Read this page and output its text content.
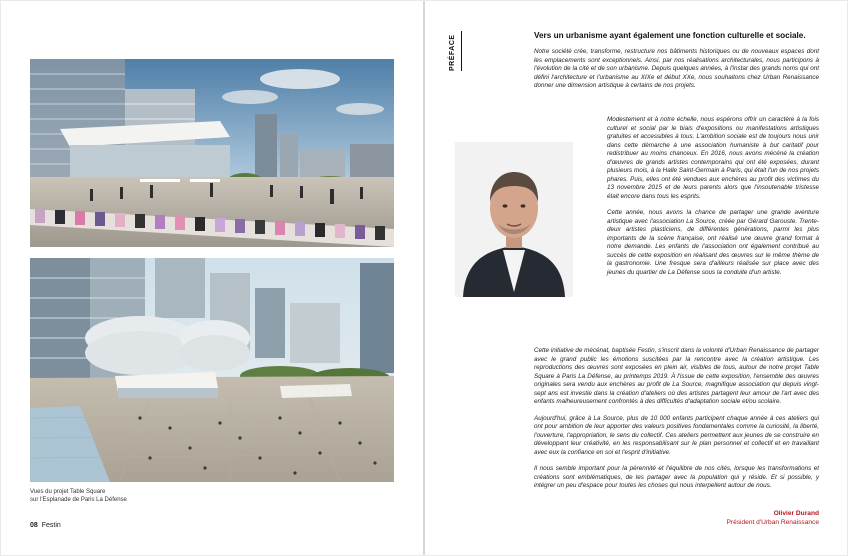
Vues du projet Table Square
sur l'Esplanade de Paris La Défense
08 Festin
PRÉFACE	Vers un urbanisme ayant également une fonction culturelle et sociale.

Notre société crée, transforme, restructure nos bâtiments historiques ou de nouveaux espaces dont les emplacements sont exceptionnels. Ainsi, par nos réalisations architecturales, nous participons à l'évolution de la cité et de son urbanisme. Depuis quelques années, à l'instar des grands noms qui ont défini l'architecture et l'urbanisme au XIXe et début XXe, nous souhaitons chez Urban Renaissance donner une dimension artistique à certains de nos projets.

Modestement et à notre échelle, nous espérons offrir un caractère à la fois culturel et social par le biais d'expositions ou manifestations artistiques gratuites et accessibles à tous. L'ambition sociale est de toujours nous unir dans cette démarche à une association humaniste à but caritatif pour redistribuer au moins chanceux. En 2016, nous avons mécéné la création d'œuvres de grands artistes contemporains qui ont été exposées, durant plusieurs mois, à la Halle Saint-Germain à Paris, qui était l'un de nos projets phares. Puis, elles ont été vendues aux enchères au profit des victimes du 13 novembre 2015 et de leurs parents alors que l'insoutenable tristesse était encore dans tous les esprits.

Cette année, nous avons la chance de partager une grande aventure artistique avec l'association La Source, créée par Gérard Garouste. Trente-deux artistes plasticiens, de différentes générations, parmi les plus importants de la scène française, ont réalisé une œuvre grand format à notre demande. Les enfants de l'association ont également contribué au succès de cette exposition en réalisant des œuvres sur le même thème de la gastronomie. Une fresque sera d'ailleurs réalisée sur place avec des jeunes du quartier de La Défense sous la conduite d'un artiste.

Cette initiative de mécénat, baptisée Festin, s'inscrit dans la volonté d'Urban Renaissance de partager avec le grand public les émotions suscitées par la rencontre avec la création artistique. Les reproductions des œuvres sont exposées en plein air, visibles de tous, autour de notre projet Table Square à Paris La Défense, au printemps 2019. À l'issue de cette exposition, l'ensemble des œuvres originales sera vendu aux enchères au profit de La Source, magnifique association qui depuis vingt-sept ans est investie dans la création d'ateliers où des artistes partagent leur amour de l'art avec des enfants malheureusement confrontés à des difficultés d'adaptation sociale et/ou scolaire.

Aujourd'hui, grâce à La Source, plus de 10 000 enfants participent chaque année à ces ateliers qui ont pour ambition de leur apporter des valeurs positives fondamentales comme la curiosité, la liberté, l'ouverture, l'appropriation, le sens du collectif. Ces ateliers permettent aux jeunes de se construire en développant leur créativité, en les responsabilisant sur le plan personnel et collectif et en travaillant avec eux la confiance en soi et l'esprit d'initiative.

Il nous semble important pour la pérennité et l'équilibre de nos cités, lorsque les transformations et créations sont emblématiques, de les partager avec la population qui y réside. Et si possible, y intégrer un peu d'espace pour toutes les choses qui nous interpellent autour de nous.

Olivier Durand
Président d'Urban Renaissance
